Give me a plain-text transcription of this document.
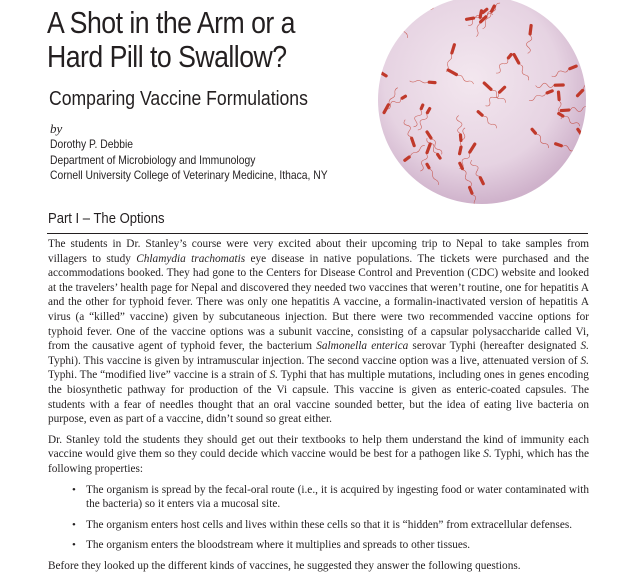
A Shot in the Arm or a
Hard Pill to Swallow?
Comparing Vaccine Formulations
by
Dorothy P. Debbie
Department of Microbiology and Immunology
Cornell University College of Veterinary Medicine, Ithaca, NY
Part I – The Options

The students in Dr. Stanley’s course were very excited about their upcoming trip to Nepal to take samples from villagers to study Chlamydia trachomatis eye disease in native populations. The tickets were purchased and the accommodations booked. They had gone to the Centers for Disease Control and Prevention (CDC) website and looked at the travelers’ health page for Nepal and discovered they needed two vaccines that weren’t routine, one for hepatitis A and the other for typhoid fever. There was only one hepatitis A vaccine, a formalin-inactivated version of hepatitis A virus (a “killed” vaccine) given by subcutaneous injection. But there were two recommended vaccine options for typhoid fever. One of the vaccine options was a subunit vaccine, consisting of a capsular polysaccharide called Vi, from the causative agent of typhoid fever, the bacterium Salmonella enterica serovar Typhi (hereafter designated S. Typhi). This vaccine is given by intramuscular injection. The second vaccine option was a live, attenuated version of S. Typhi. The “modified live” vaccine is a strain of S. Typhi that has multiple mutations, including ones in genes encoding the biosynthetic pathway for production of the Vi capsule. This vaccine is given as enteric-coated capsules. The students with a fear of needles thought that an oral vaccine sounded better, but the idea of eating live bacteria on purpose, even as part of a vaccine, didn’t sound so great either.

Dr. Stanley told the students they should get out their textbooks to help them understand the kind of immunity each vaccine would give them so they could decide which vaccine would be best for a pathogen like S. Typhi, which has the following properties:

• The organism is spread by the fecal-oral route (i.e., it is acquired by ingesting food or water contaminated with the bacteria) so it enters via a mucosal site.
• The organism enters host cells and lives within these cells so that it is “hidden” from extracellular defenses.
• The organism enters the bloodstream where it multiplies and spreads to other tissues.

Before they looked up the different kinds of vaccines, he suggested they answer the following questions.
